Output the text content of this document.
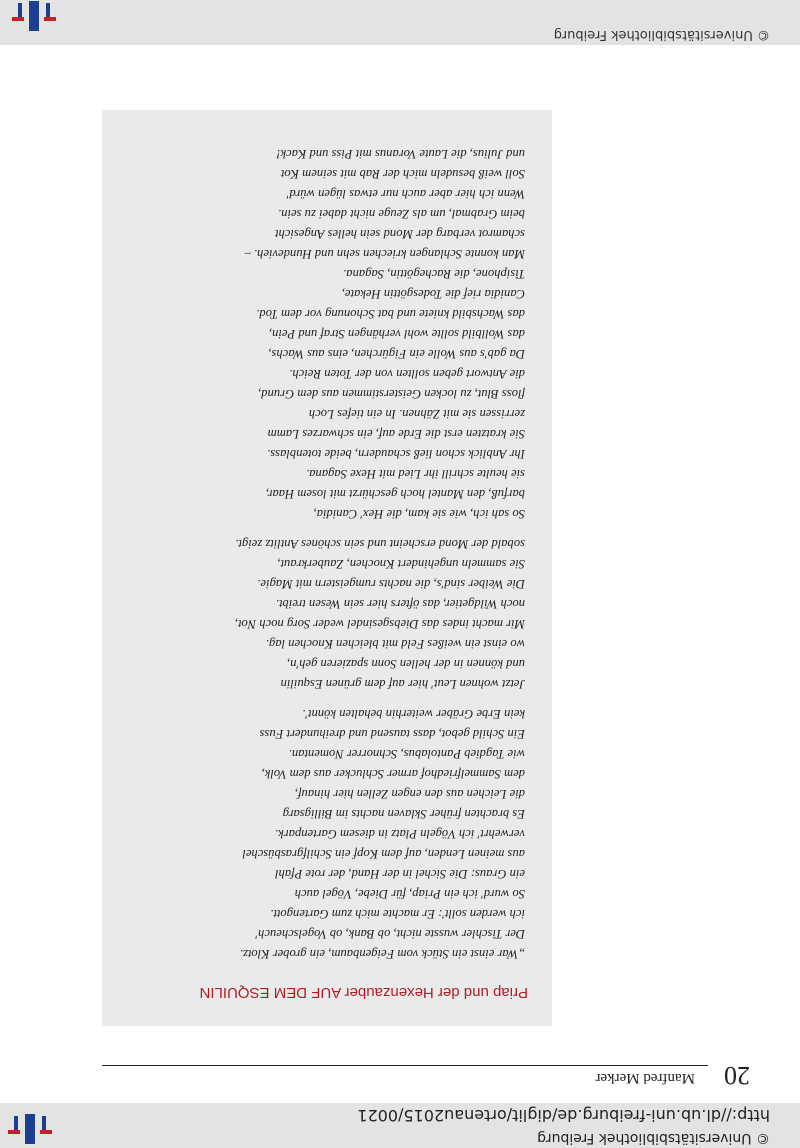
© Universitätsbibliothek Freiburg
http://dl.ub.uni-freiburg.de/diglit/ortenau2015/0021
20
Manfred Merker
Priap und der Hexenzauber AUF DEM ESQUILIN
„War einst ein Stück vom Feigenbaum, ein grober Klotz.
Der Tischler wusste nicht, ob Bank, ob Vogelscheuch'
ich werden sollt': Er machte mich zum Gartengott.
So wurd' ich ein Priap, für Diebe, Vögel auch
ein Graus: Die Sichel in der Hand, der rote Pfahl
aus meinen Lenden, auf dem Kopf ein Schilfgrasbüschel
verwehrt' ich Vögeln Platz in diesem Gartenpark.
Es brachten früher Sklaven nachts im Billigsarg
die Leichen aus den engen Zellen hier hinauf,
dem Sammelfriedhof armer Schlucker aus dem Volk,
wie Tagdieb Pantolabus, Schnorrer Nomentan.
Ein Schild gebot, dass tausend und dreihundert Fuss
kein Erbe Gräber weiterhin behalten könnt'.
Jetzt wohnen Leut' hier auf dem grünen Esquilin
und können in der hellen Sonn spazieren geh'n,
wo einst ein weißes Feld mit bleichen Knochen lag.
Mir macht indes das Diebsgesindel weder Sorg noch Not,
noch Wildgetier, das öfters hier sein Wesen treibt.
Die Weiber sind's, die nachts rumgeistern mit Magie.
Sie sammeln ungehindert Knochen, Zauberkraut,
sobald der Mond erscheint und sein schönes Antlitz zeigt.
So sah ich, wie sie kam, die Hex' Canidia,
barfuß, den Mantel hoch geschürzt mit losem Haar,
sie heulte schrill ihr Lied mit Hexe Sagana.
Ihr Anblick schon ließ schaudern, beide totenblass.
Sie kratzten erst die Erde auf, ein schwarzes Lamm
zerrissen sie mit Zähnen. In ein tiefes Loch
floss Blut, zu locken Geisterstimmen aus dem Grund,
die Antwort geben sollten von der Toten Reich.
Da gab's aus Wolle ein Figürchen, eins aus Wachs,
das Wollbild sollte wohl verhängen Straf und Pein,
das Wachsbild kniete und bat Schonung vor dem Tod.
Canidia rief die Todesgöttin Hekate,
Tisiphone, die Rachegöttin, Sagana.
Man konnte Schlangen kriechen sehn und Hundevieh. –
schamrot verbarg der Mond sein helles Angesicht
beim Grabmal, um als Zeuge nicht dabei zu sein.
Wenn ich hier aber auch nur etwas lügen würd'
Soll weiß besudeln mich der Rab mit seinem Kot
und Julius, die Laute Voranus mit Piss und Kack!
© Universitätsbibliothek Freiburg
